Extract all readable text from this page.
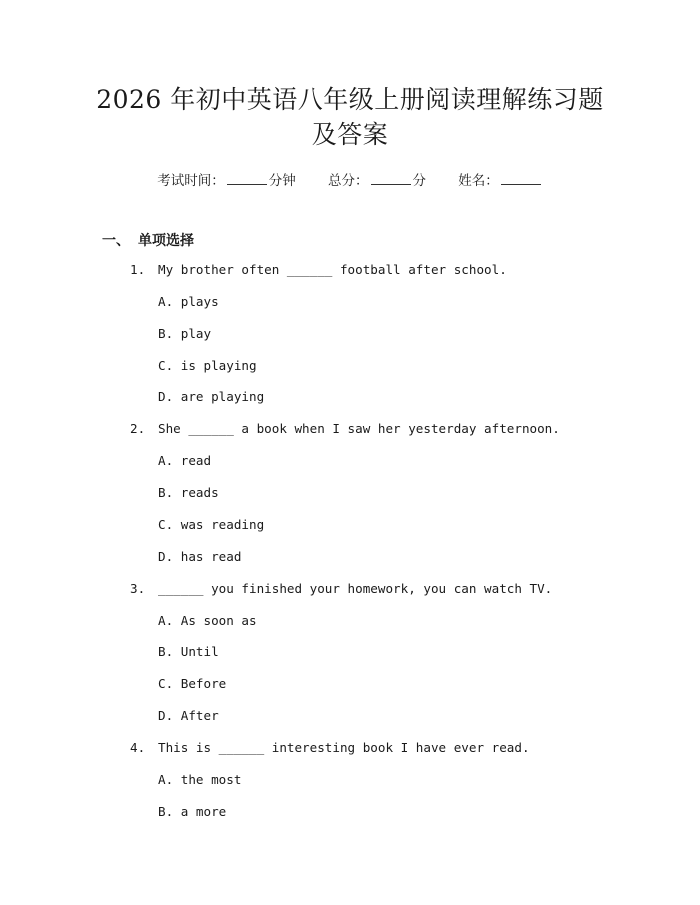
2026 年初中英语八年级上册阅读理解练习题
及答案
考试时间：	分钟 总分：	分 姓名：
一、 单项选择
1. My brother often ______ football after school.
A. plays
B. play
C. is playing
D. are playing
2. She ______ a book when I saw her yesterday afternoon.
A. read
B. reads
C. was reading
D. has read
3. ______ you finished your homework, you can watch TV.
A. As soon as
B. Until
C. Before
D. After
4. This is ______ interesting book I have ever read.
A. the most
B. a more
